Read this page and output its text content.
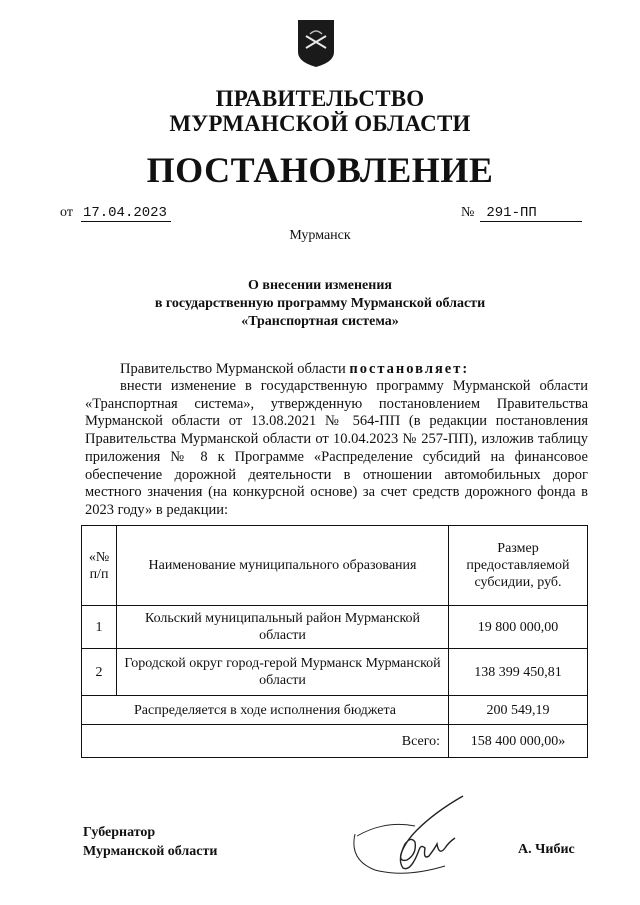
ПРАВИТЕЛЬСТВО
МУРМАНСКОЙ ОБЛАСТИ
ПОСТАНОВЛЕНИЕ
от 17.04.2023	№ 291-ПП
Мурманск
О внесении изменения
в государственную программу Мурманской области
«Транспортная система»
Правительство Мурманской области постановляет:
внести изменение в государственную программу Мурманской области «Транспортная система», утвержденную постановлением Правительства Мурманской области от 13.08.2021 № 564-ПП (в редакции постановления Правительства Мурманской области от 10.04.2023 № 257-ПП), изложив таблицу приложения № 8 к Программе «Распределение субсидий на финансовое обеспечение дорожной деятельности в отношении автомобильных дорог местного значения (на конкурсной основе) за счет средств дорожного фонда в 2023 году» в редакции:
«№ п/п	Наименование муниципального образования	Размер предоставляемой субсидии, руб.
1	Кольский муниципальный район Мурманской области	19 800 000,00
2	Городской округ город-герой Мурманск Мурманской области	138 399 450,81
Распределяется в ходе исполнения бюджета		200 549,19
Всего:		158 400 000,00»
Губернатор
Мурманской области	А. Чибис
